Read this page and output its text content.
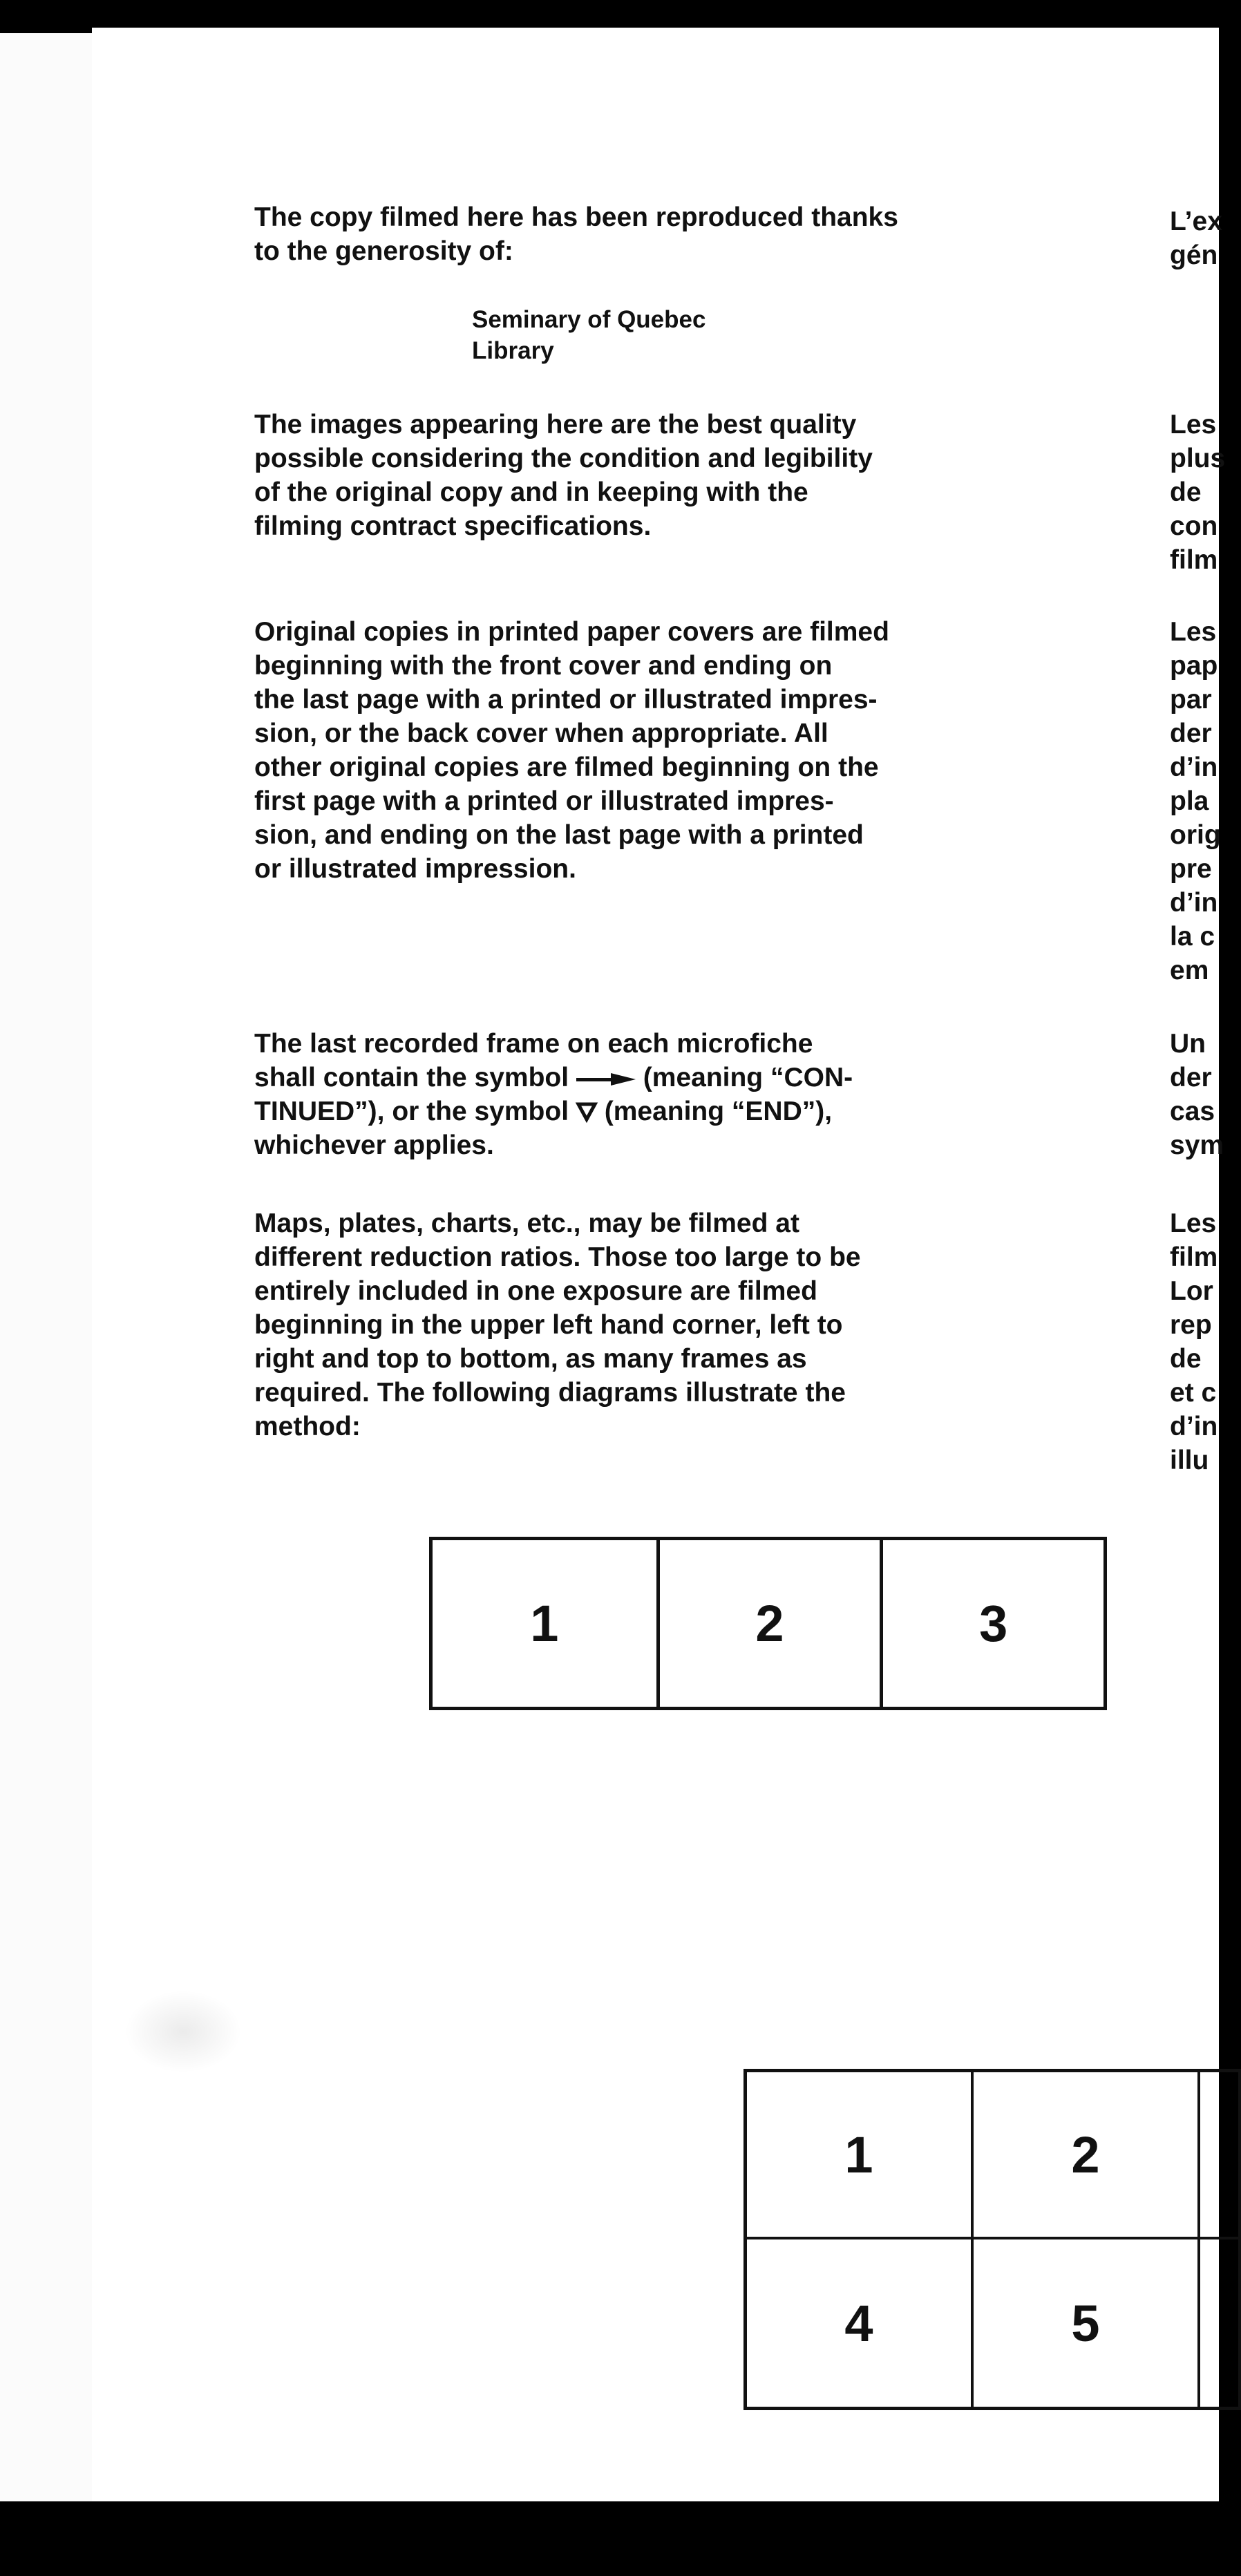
The copy filmed here has been reproduced thanks
to the generosity of:

Seminary of Quebec
Library

The images appearing here are the best quality
possible considering the condition and legibility
of the original copy and in keeping with the
filming contract specifications.

Original copies in printed paper covers are filmed
beginning with the front cover and ending on
the last page with a printed or illustrated impres-
sion, or the back cover when appropriate. All
other original copies are filmed beginning on the
first page with a printed or illustrated impres-
sion, and ending on the last page with a printed
or illustrated impression.

The last recorded frame on each microfiche
shall contain the symbol  (meaning “CON-
TINUED”), or the symbol  (meaning “END”),
whichever applies.

Maps, plates, charts, etc., may be filmed at
different reduction ratios. Those too large to be
entirely included in one exposure are filmed
beginning in the upper left hand corner, left to
right and top to bottom, as many frames as
required. The following diagrams illustrate the
method:

L’ex
gén
Les
plus
de
con
film
Les
pap
par
der
d’in
pla
orig
pre
d’in
la c
em
Un
der
cas
sym
Les
film
Lor
rep
de
et c
d’in
illu
1	2	3
1	2
4	5
